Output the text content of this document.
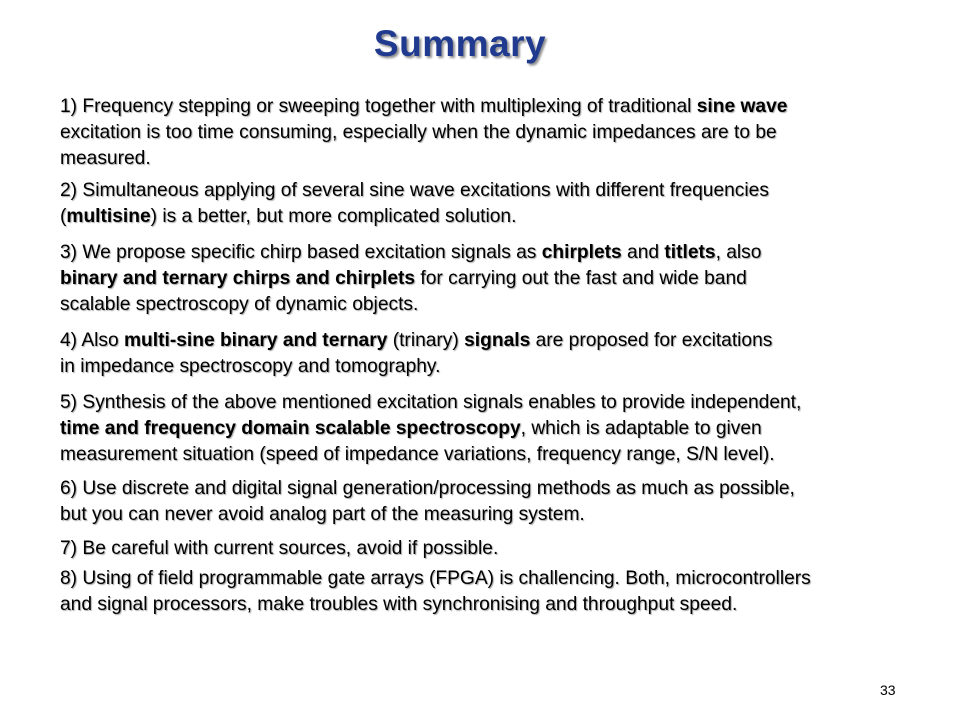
Summary

1) Frequency stepping or sweeping together with multiplexing of traditional sine wave
excitation is too time consuming, especially when the dynamic impedances are to be
measured.

2) Simultaneous applying of several sine wave excitations with different frequencies
(multisine) is a better, but more complicated solution.

3) We propose specific chirp based excitation signals as chirplets and titlets, also
binary and ternary chirps and chirplets for carrying out the fast and wide band
scalable spectroscopy of dynamic objects.

4) Also multi-sine binary and ternary (trinary) signals are proposed for excitations
in impedance spectroscopy and tomography.

5) Synthesis of the above mentioned excitation signals enables to provide independent,
time and frequency domain scalable spectroscopy, which is adaptable to given
measurement situation (speed of impedance variations, frequency range, S/N level).

6) Use discrete and digital signal generation/processing methods as much as possible,
but you can never avoid analog part of the measuring system.

7) Be careful with current sources, avoid if possible.

8) Using of field programmable gate arrays (FPGA) is challencing. Both, microcontrollers
and signal processors, make troubles with synchronising and throughput speed.

33
